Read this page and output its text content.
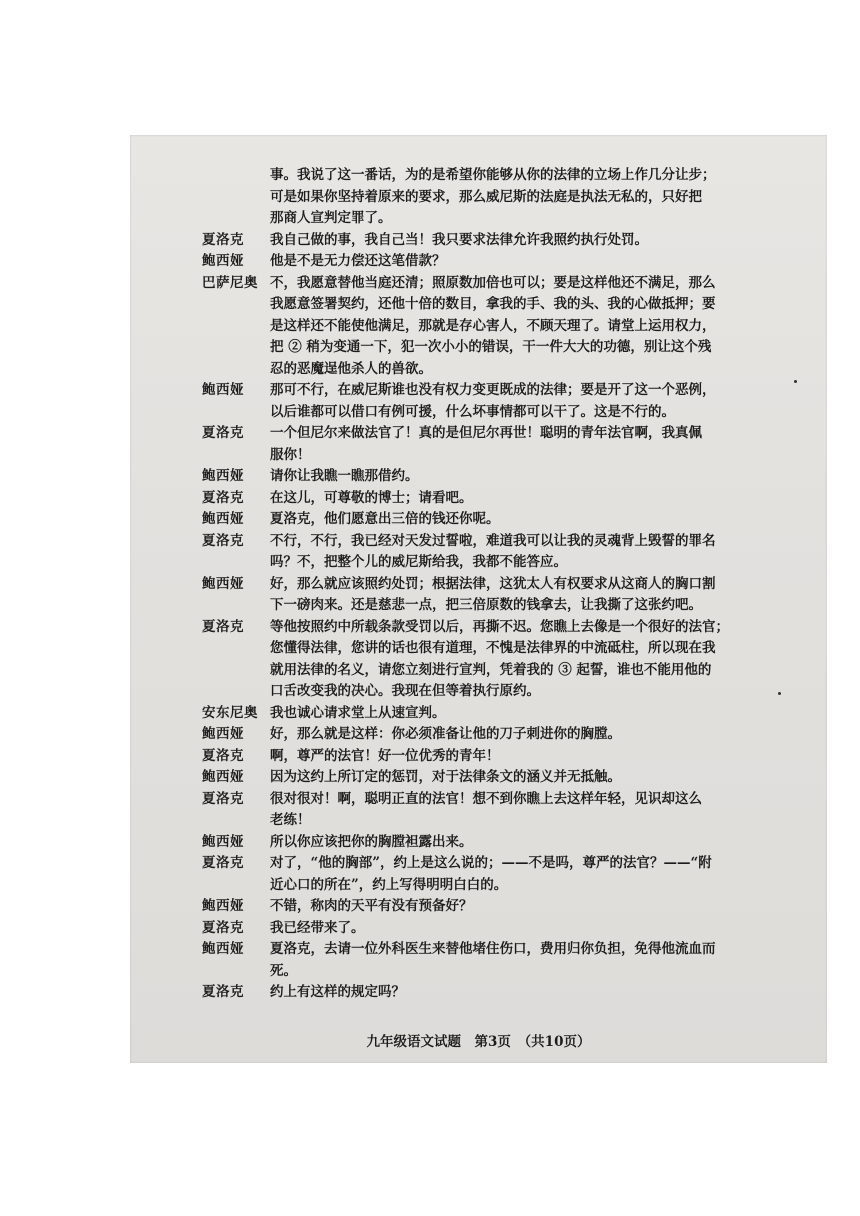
事。我说了这一番话，为的是希望你能够从你的法律的立场上作几分让步；
可是如果你坚持着原来的要求，那么威尼斯的法庭是执法无私的，只好把
那商人宣判定罪了。
夏洛克	我自己做的事，我自己当！我只要求法律允许我照约执行处罚。
鲍西娅	他是不是无力偿还这笔借款？
巴萨尼奥 不，我愿意替他当庭还清；照原数加倍也可以；要是这样他还不满足，那么
我愿意签署契约，还他十倍的数目，拿我的手、我的头、我的心做抵押；要
是这样还不能使他满足，那就是存心害人，不顾天理了。请堂上运用权力，
把 ② 稍为变通一下，犯一次小小的错误，干一件大大的功德，别让这个残
忍的恶魔逞他杀人的兽欲。
鲍西娅	那可不行，在威尼斯谁也没有权力变更既成的法律；要是开了这一个恶例，
以后谁都可以借口有例可援，什么坏事情都可以干了。这是不行的。
夏洛克	一个但尼尔来做法官了！真的是但尼尔再世！聪明的青年法官啊，我真佩
服你！
鲍西娅	请你让我瞧一瞧那借约。
夏洛克	在这儿，可尊敬的博士；请看吧。
鲍西娅	夏洛克，他们愿意出三倍的钱还你呢。
夏洛克	不行，不行，我已经对天发过誓啦，难道我可以让我的灵魂背上毁誓的罪名
吗？不，把整个儿的威尼斯给我，我都不能答应。
鲍西娅	好，那么就应该照约处罚；根据法律，这犹太人有权要求从这商人的胸口割
下一磅肉来。还是慈悲一点，把三倍原数的钱拿去，让我撕了这张约吧。
夏洛克	等他按照约中所载条款受罚以后，再撕不迟。您瞧上去像是一个很好的法官；
您懂得法律，您讲的话也很有道理，不愧是法律界的中流砥柱，所以现在我
就用法律的名义，请您立刻进行宣判，凭着我的 ③ 起誓，谁也不能用他的
口舌改变我的决心。我现在但等着执行原约。
安东尼奥 我也诚心请求堂上从速宣判。
鲍西娅	好，那么就是这样：你必须准备让他的刀子刺进你的胸膛。
夏洛克	啊，尊严的法官！好一位优秀的青年！
鲍西娅	因为这约上所订定的惩罚，对于法律条文的涵义并无抵触。
夏洛克	很对很对！啊，聪明正直的法官！想不到你瞧上去这样年轻，见识却这么
老练！
鲍西娅	所以你应该把你的胸膛袒露出来。
夏洛克	对了，“他的胸部”，约上是这么说的；——不是吗，尊严的法官？——“附
近心口的所在”，约上写得明明白白的。
鲍西娅	不错，称肉的天平有没有预备好？
夏洛克	我已经带来了。
鲍西娅	夏洛克，去请一位外科医生来替他堵住伤口，费用归你负担，免得他流血而
死。
夏洛克	约上有这样的规定吗？
九年级语文试题　第3页　（共10页）
